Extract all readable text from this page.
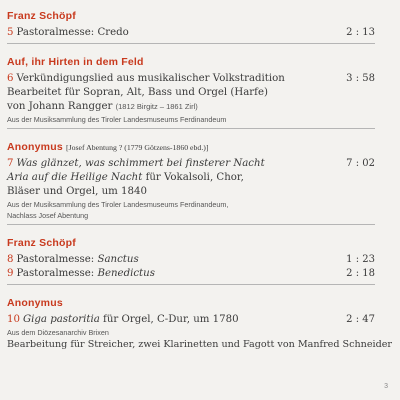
Franz Schöpf
5 Pastoralmesse: Credo	2 : 13
Auf, ihr Hirten in dem Feld
6 Verkündigungslied aus musikalischer Volkstradition	3 : 58
Bearbeitet für Sopran, Alt, Bass und Orgel (Harfe)
von Johann Rangger (1812 Birgitz – 1861 Zirl)
Aus der Musiksammlung des Tiroler Landesmuseums Ferdinandeum
Anonymus [Josef Abentung ? (1779 Götzens-1860 ebd.)]
7 Was glänzet, was schimmert bei finsterer Nacht	7 : 02
Aria auf die Heilige Nacht für Vokalsoli, Chor,
Bläser und Orgel, um 1840
Aus der Musiksammlung des Tiroler Landesmuseums Ferdinandeum,
Nachlass Josef Abentung
Franz Schöpf
8 Pastoralmesse: Sanctus	1 : 23
9 Pastoralmesse: Benedictus	2 : 18
Anonymus
10 Giga pastoritia für Orgel, C-Dur, um 1780	2 : 47
Aus dem Diözesanarchiv Brixen
Bearbeitung für Streicher, zwei Klarinetten und Fagott von Manfred Schneider
3
